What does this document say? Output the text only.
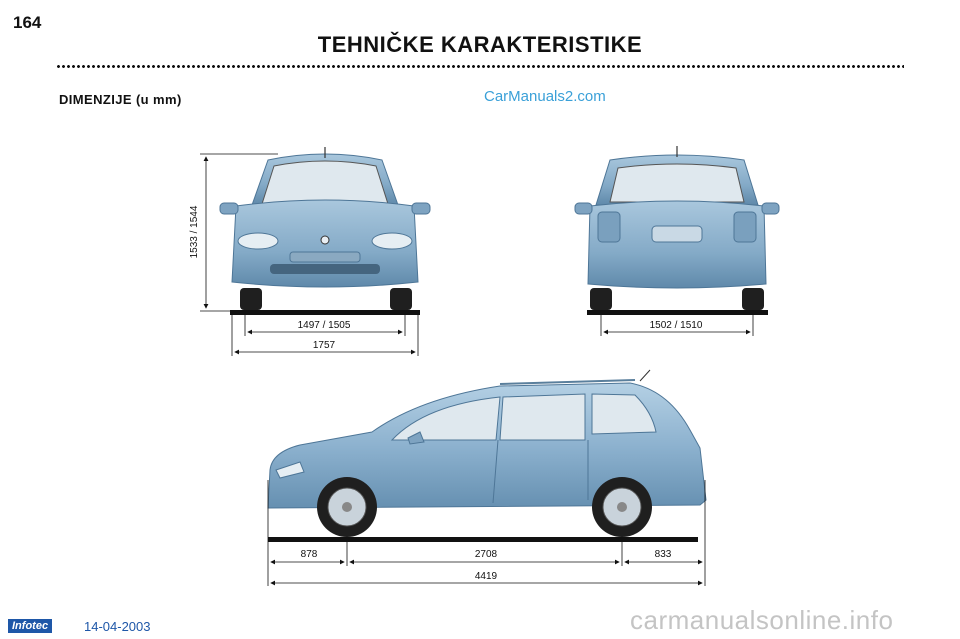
164
TEHNIČKE KARAKTERISTIKE
DIMENZIJE (u mm)	CarManuals2.com
1533 / 1544
1497 / 1505
1757
1502 / 1510
878	2708	833
4419
Infotec	14-04-2003	carmanualsonline.info
